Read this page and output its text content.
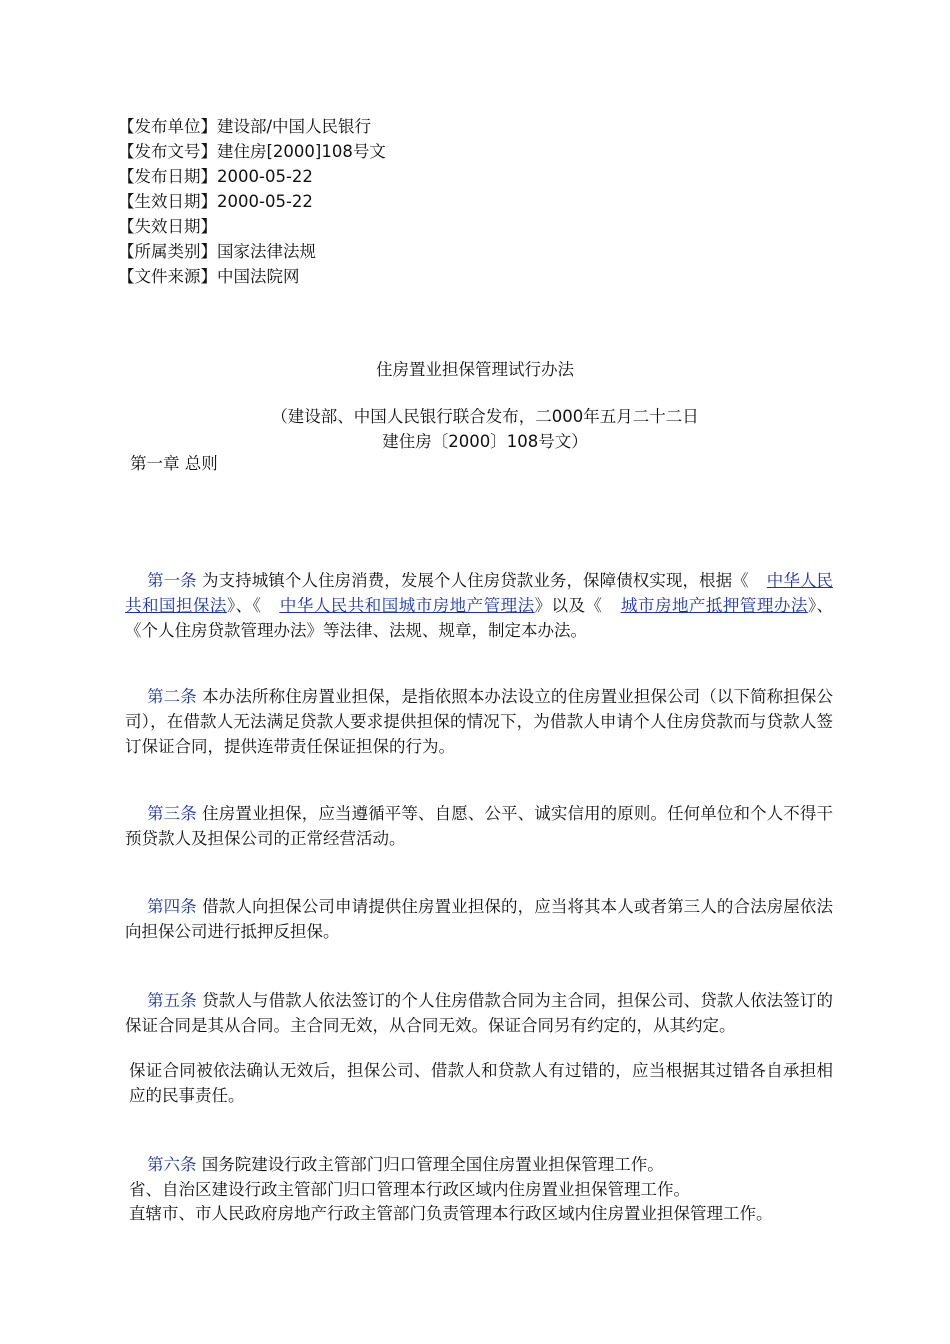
【发布单位】建设部/中国人民银行
【发布文号】建住房[2000]108号文
【发布日期】2000-05-22
【生效日期】2000-05-22
【失效日期】
【所属类别】国家法律法规
【文件来源】中国法院网
住房置业担保管理试行办法
（建设部、中国人民银行联合发布，二000年五月二十二日
建住房〔2000〕108号文）
第一章 总则
第一条 为支持城镇个人住房消费，发展个人住房贷款业务，保障债权实现，根据《 中华人民共和国担保法》、《 中华人民共和国城市房地产管理法》以及《 城市房地产抵押管理办法》、《个人住房贷款管理办法》等法律、法规、规章，制定本办法。
第二条 本办法所称住房置业担保，是指依照本办法设立的住房置业担保公司（以下简称担保公司），在借款人无法满足贷款人要求提供担保的情况下，为借款人申请个人住房贷款而与贷款人签订保证合同，提供连带责任保证担保的行为。
第三条 住房置业担保，应当遵循平等、自愿、公平、诚实信用的原则。任何单位和个人不得干预贷款人及担保公司的正常经营活动。
第四条 借款人向担保公司申请提供住房置业担保的，应当将其本人或者第三人的合法房屋依法向担保公司进行抵押反担保。
第五条 贷款人与借款人依法签订的个人住房借款合同为主合同，担保公司、贷款人依法签订的保证合同是其从合同。主合同无效，从合同无效。保证合同另有约定的，从其约定。
保证合同被依法确认无效后，担保公司、借款人和贷款人有过错的，应当根据其过错各自承担相应的民事责任。
第六条 国务院建设行政主管部门归口管理全国住房置业担保管理工作。
省、自治区建设行政主管部门归口管理本行政区域内住房置业担保管理工作。
直辖市、市人民政府房地产行政主管部门负责管理本行政区域内住房置业担保管理工作。
